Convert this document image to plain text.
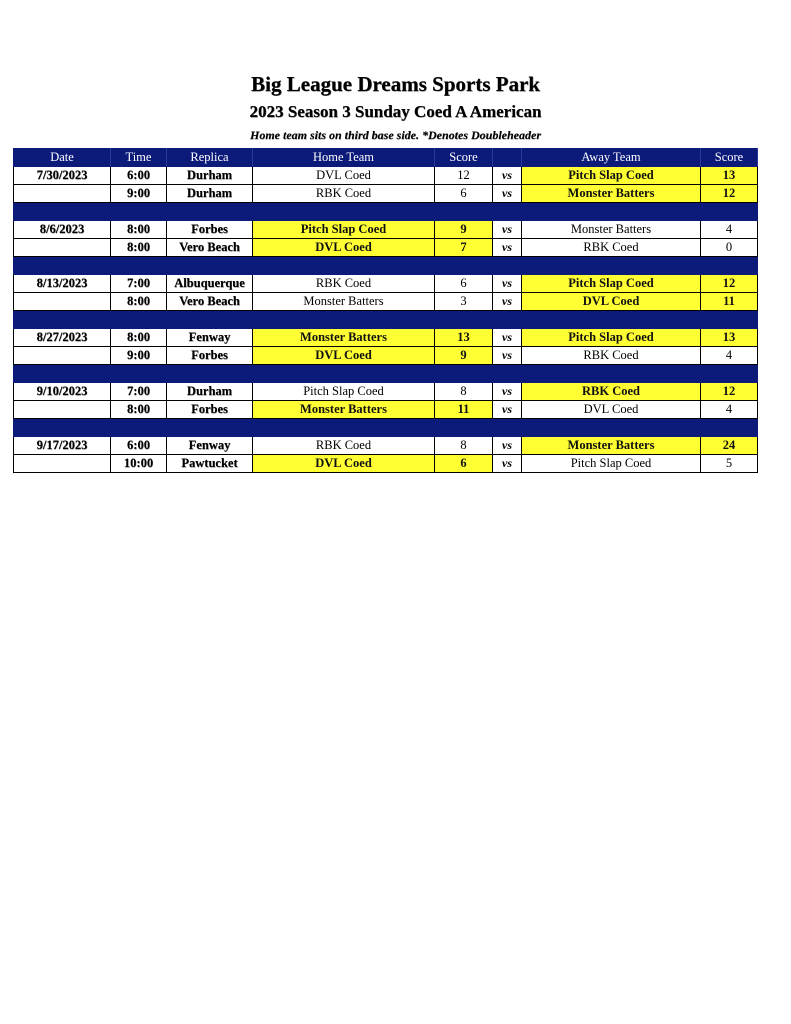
Big League Dreams Sports Park
2023 Season 3 Sunday Coed A American
Home team sits on third base side. *Denotes Doubleheader
Date	Time	Replica	Home Team	Score		Away Team	Score
7/30/2023	6:00	Durham	DVL Coed	12	vs	Pitch Slap Coed	13
	9:00	Durham	RBK Coed	6	vs	Monster Batters	12

8/6/2023	8:00	Forbes	Pitch Slap Coed	9	vs	Monster Batters	4
	8:00	Vero Beach	DVL Coed	7	vs	RBK Coed	0

8/13/2023	7:00	Albuquerque	RBK Coed	6	vs	Pitch Slap Coed	12
	8:00	Vero Beach	Monster Batters	3	vs	DVL Coed	11

8/27/2023	8:00	Fenway	Monster Batters	13	vs	Pitch Slap Coed	13
	9:00	Forbes	DVL Coed	9	vs	RBK Coed	4

9/10/2023	7:00	Durham	Pitch Slap Coed	8	vs	RBK Coed	12
	8:00	Forbes	Monster Batters	11	vs	DVL Coed	4

9/17/2023	6:00	Fenway	RBK Coed	8	vs	Monster Batters	24
	10:00	Pawtucket	DVL Coed	6	vs	Pitch Slap Coed	5
